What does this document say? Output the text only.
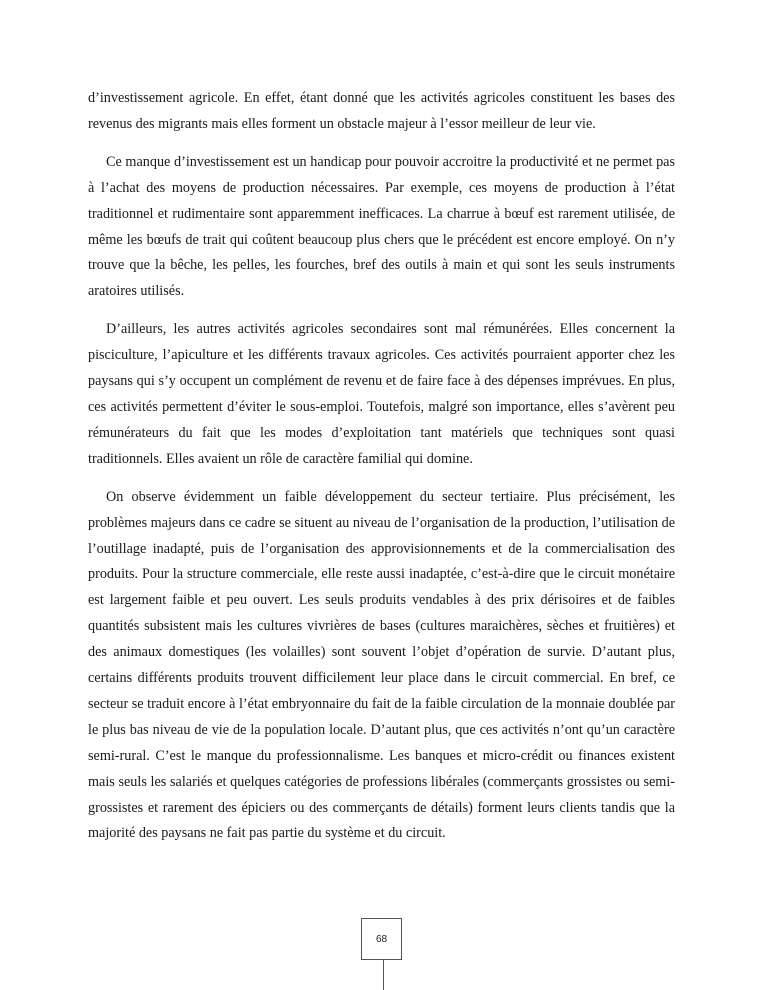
d’investissement agricole. En effet, étant donné que les activités agricoles constituent les bases des revenus des migrants mais elles forment un obstacle majeur à l’essor meilleur de leur vie.

Ce manque d’investissement est un handicap pour pouvoir accroitre la productivité et ne permet pas à l’achat des moyens de production nécessaires. Par exemple, ces moyens de production à l’état traditionnel et rudimentaire sont apparemment inefficaces. La charrue à bœuf est rarement utilisée, de même les bœufs de trait qui coûtent beaucoup plus chers que le précédent est encore employé. On n’y trouve que la bêche, les pelles, les fourches, bref des outils à main et qui sont les seuls instruments aratoires utilisés.

D’ailleurs, les autres activités agricoles secondaires sont mal rémunérées. Elles concernent la pisciculture, l’apiculture et les différents travaux agricoles. Ces activités pourraient apporter chez les paysans qui s’y occupent un complément de revenu et de faire face à des dépenses imprévues. En plus, ces activités permettent d’éviter le sous-emploi. Toutefois, malgré son importance, elles s’avèrent peu rémunérateurs du fait que les modes d’exploitation tant matériels que techniques sont quasi traditionnels. Elles avaient un rôle de caractère familial qui domine.

On observe évidemment un faible développement du secteur tertiaire. Plus précisément, les problèmes majeurs dans ce cadre se situent au niveau de l’organisation de la production, l’utilisation de l’outillage inadapté, puis de l’organisation des approvisionnements et de la commercialisation des produits. Pour la structure commerciale, elle reste aussi inadaptée, c’est-à-dire que le circuit monétaire est largement faible et peu ouvert. Les seuls produits vendables à des prix dérisoires et de faibles quantités subsistent mais les cultures vivrières de bases (cultures maraichères, sèches et fruitières) et des animaux domestiques (les volailles) sont souvent l’objet d’opération de survie. D’autant plus, certains différents produits trouvent difficilement leur place dans le circuit commercial. En bref, ce secteur se traduit encore à l’état embryonnaire du fait de la faible circulation de la monnaie doublée par le plus bas niveau de vie de la population locale. D’autant plus, que ces activités n’ont qu’un caractère semi-rural. C’est le manque du professionnalisme. Les banques et micro-crédit ou finances existent mais seuls les salariés et quelques catégories de professions libérales (commerçants grossistes ou semi-grossistes et rarement des épiciers ou des commerçants de détails) forment leurs clients tandis que la majorité des paysans ne fait pas partie du système et du circuit.

68
